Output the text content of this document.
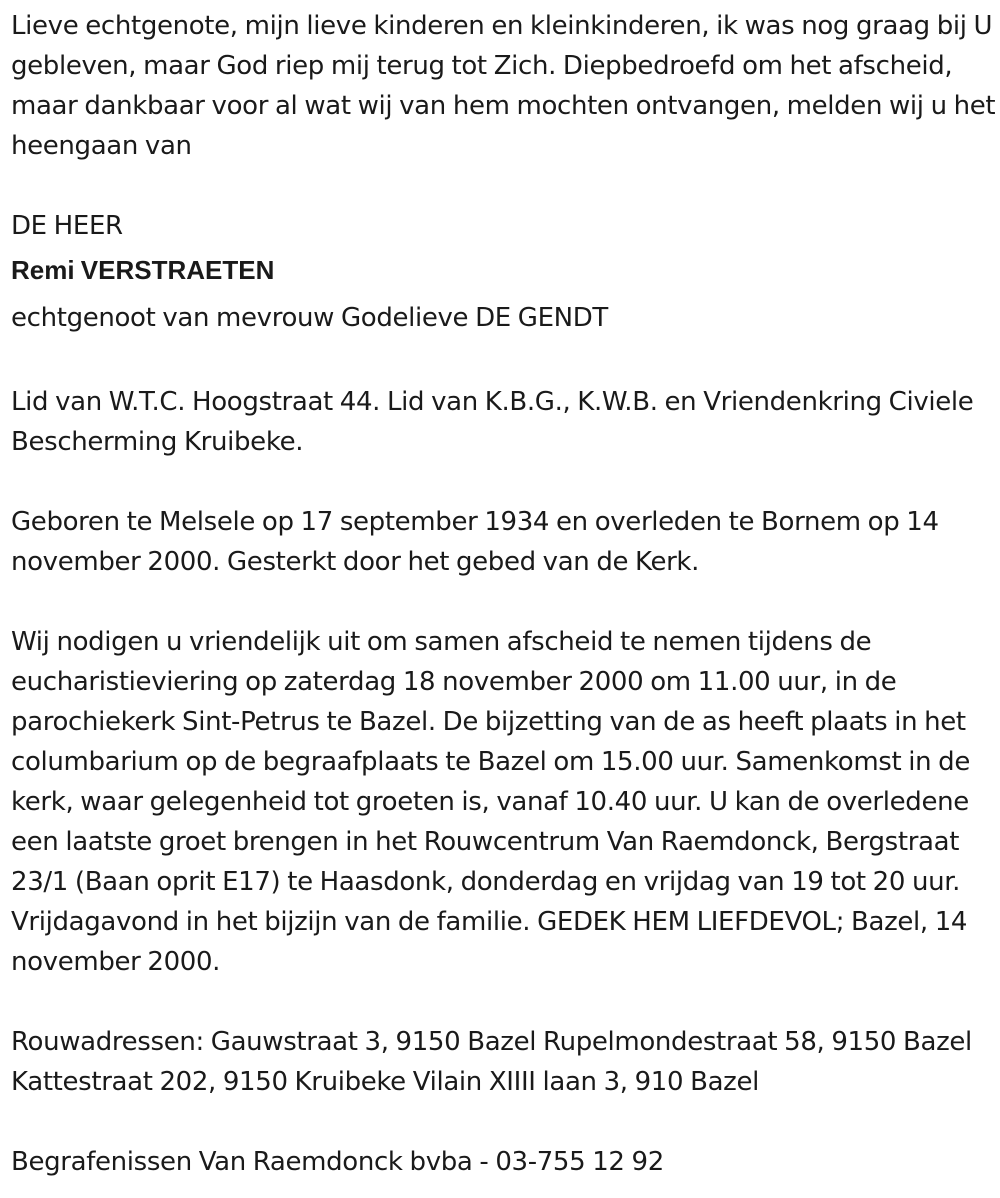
Lieve echtgenote, mijn lieve kinderen en kleinkinderen, ik was nog graag bij U gebleven, maar God riep mij terug tot Zich. Diepbedroefd om het afscheid, maar dankbaar voor al wat wij van hem mochten ontvangen, melden wij u het heengaan van

DE HEER

Remi VERSTRAETEN

echtgenoot van mevrouw Godelieve DE GENDT

Lid van W.T.C. Hoogstraat 44. Lid van K.B.G., K.W.B. en Vriendenkring Civiele Bescherming Kruibeke.

Geboren te Melsele op 17 september 1934 en overleden te Bornem op 14 november 2000. Gesterkt door het gebed van de Kerk.

Wij nodigen u vriendelijk uit om samen afscheid te nemen tijdens de eucharistieviering op zaterdag 18 november 2000 om 11.00 uur, in de parochiekerk Sint-Petrus te Bazel. De bijzetting van de as heeft plaats in het columbarium op de begraafplaats te Bazel om 15.00 uur. Samenkomst in de kerk, waar gelegenheid tot groeten is, vanaf 10.40 uur. U kan de overledene een laatste groet brengen in het Rouwcentrum Van Raemdonck, Bergstraat 23/1 (Baan oprit E17) te Haasdonk, donderdag en vrijdag van 19 tot 20 uur. Vrijdagavond in het bijzijn van de familie. GEDEK HEM LIEFDEVOL; Bazel, 14 november 2000.

Rouwadressen: Gauwstraat 3, 9150 Bazel Rupelmondestraat 58, 9150 Bazel Kattestraat 202, 9150 Kruibeke Vilain XIIII laan 3, 910 Bazel

Begrafenissen Van Raemdonck bvba - 03-755 12 92
